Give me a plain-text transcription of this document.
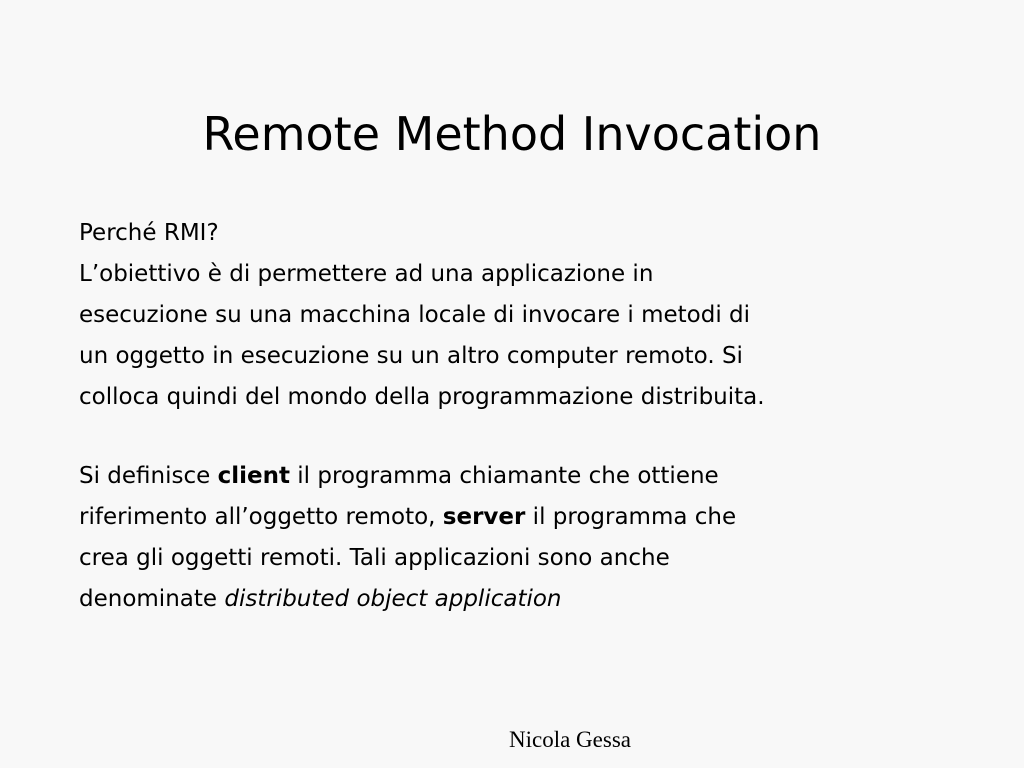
Remote Method Invocation

Perché RMI?
L’obiettivo è di permettere ad una applicazione in
esecuzione su una macchina locale di invocare i metodi di
un oggetto in esecuzione su un altro computer remoto. Si
colloca quindi del mondo della programmazione distribuita.

Si definisce client il programma chiamante che ottiene
riferimento all’oggetto remoto, server il programma che
crea gli oggetti remoti. Tali applicazioni sono anche
denominate distributed object application

Nicola Gessa
